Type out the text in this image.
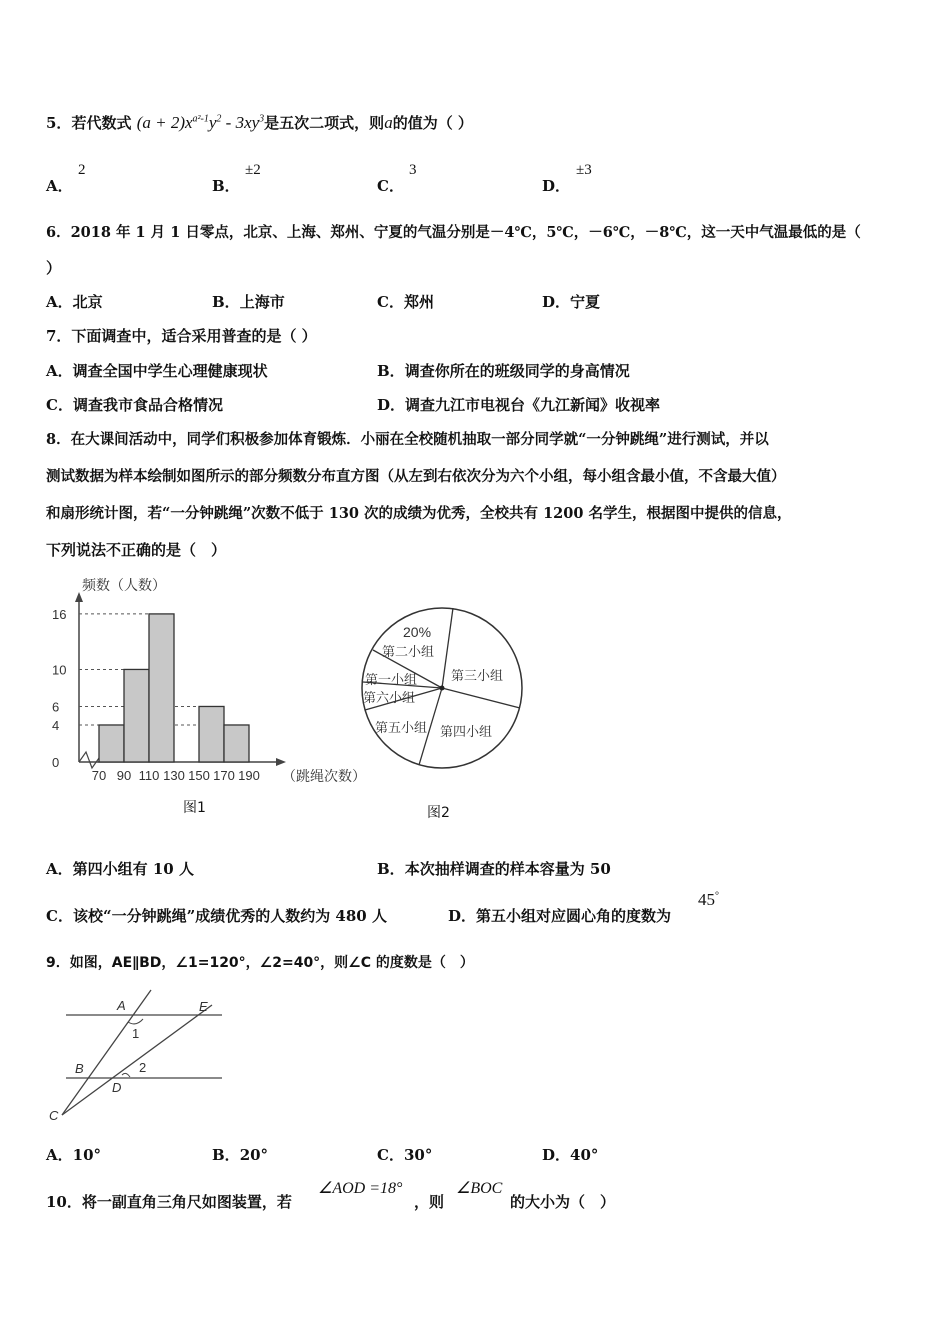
5．若代数式 $(a + 2)x^{a^2-1}y^2 - 3xy^3$是五次二项式，则a的值为（ ）
A．
2
B．
±2
C．
3
D．
±3
6．2018 年 1 月 1 日零点，北京、上海、郑州、宁夏的气温分别是－4℃，5℃，－6℃，－8℃，这一天中气温最低的是（
）
A．北京	B．上海市	C．郑州	D．宁夏
7．下面调查中，适合采用普查的是（ ）
A．调查全国中学生心理健康现状	B．调查你所在的班级同学的身高情况
C．调查我市食品合格情况	D．调查九江市电视台《九江新闻》收视率
8．在大课间活动中，同学们积极参加体育锻炼．小丽在全校随机抽取一部分同学就“一分钟跳绳”进行测试，并以
测试数据为样本绘制如图所示的部分频数分布直方图（从左到右依次分为六个小组，每小组含最小值，不含最大值）
和扇形统计图，若“一分钟跳绳”次数不低于 130 次的成绩为优秀，全校共有 1200 名学生，根据图中提供的信息，
下列说法不正确的是（　）
频数（人数）
（跳绳次数）
0
4
6
10
16
70 90 110 130 150 170 190
图1
20%
第二小组
第三小组
第四小组
第五小组
第六小组
第一小组
图2
A．第四小组有 10 人	B．本次抽样调查的样本容量为 50
C．该校“一分钟跳绳”成绩优秀的人数约为 480 人	D．第五小组对应圆心角的度数为
45°
9．如图，AE∥BD，∠1=120°，∠2=40°，则∠C 的度数是（　）
A	E
1
B	2
D
C
A．10°	B．20°	C．30°	D．40°
10．将一副直角三角尺如图装置，若
∠AOD =18°
，则
∠BOC
的大小为（　）
